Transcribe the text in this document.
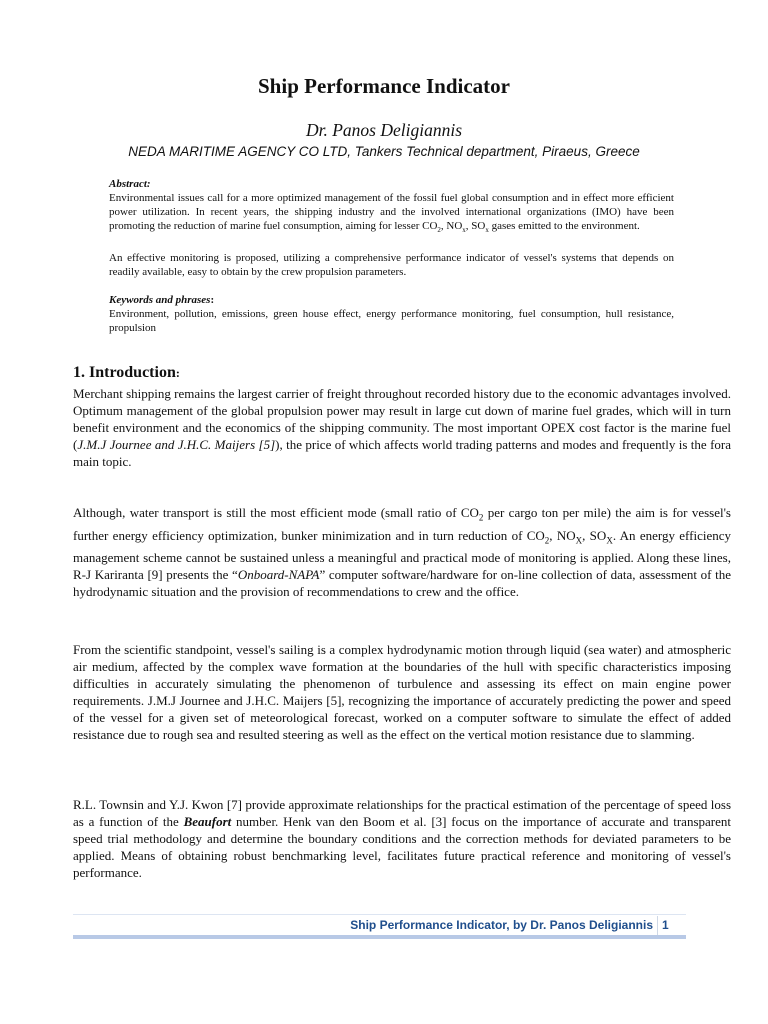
Ship Performance Indicator
Dr. Panos Deligiannis
NEDA MARITIME AGENCY CO LTD, Tankers Technical department, Piraeus, Greece

Abstract:

Environmental issues call for a more optimized management of the fossil fuel global consumption and in effect more efficient power utilization. In recent years, the shipping industry and the involved international organizations (IMO) have been promoting the reduction of marine fuel consumption, aiming for lesser $CO_2$, $NO_x$, $SO_x$ gases emitted to the environment.

An effective monitoring is proposed, utilizing a comprehensive performance indicator of vessel's systems that depends on readily available, easy to obtain by the crew propulsion parameters.

Keywords and phrases:

Environment, pollution, emissions, green house effect, energy performance monitoring, fuel consumption, hull resistance, propulsion

1. Introduction:

Merchant shipping remains the largest carrier of freight throughout recorded history due to the economic advantages involved. Optimum management of the global propulsion power may result in large cut down of marine fuel grades, which will in turn benefit environment and the economics of the shipping community. The most important OPEX cost factor is the marine fuel (J.M.J Journee and J.H.C. Maijers [5]), the price of which affects world trading patterns and modes and frequently is the fora main topic.

Although, water transport is still the most efficient mode (small ratio of $CO_2$ per cargo ton per mile) the aim is for vessel's further energy efficiency optimization, bunker minimization and in turn reduction of $CO_2$, $NO_X$, $SO_X$. An energy efficiency management scheme cannot be sustained unless a meaningful and practical mode of monitoring is applied. Along these lines, R-J Kariranta [9] presents the “Onboard-NAPA” computer software/hardware for on-line collection of data, assessment of the hydrodynamic situation and the provision of recommendations to crew and the office.

From the scientific standpoint, vessel's sailing is a complex hydrodynamic motion through liquid (sea water) and atmospheric air medium, affected by the complex wave formation at the boundaries of the hull with specific characteristics imposing difficulties in accurately simulating the phenomenon of turbulence and assessing its effect on main engine power requirements. J.M.J Journee and J.H.C. Maijers [5], recognizing the importance of accurately predicting the power and speed of the vessel for a given set of meteorological forecast, worked on a computer software to simulate the effect of added resistance due to rough sea and resulted steering as well as the effect on the vertical motion resistance due to slamming.

R.L. Townsin and Y.J. Kwon [7] provide approximate relationships for the practical estimation of the percentage of speed loss as a function of the Beaufort number. Henk van den Boom et al. [3] focus on the importance of accurate and transparent speed trial methodology and determine the boundary conditions and the correction methods for deviated parameters to be applied. Means of obtaining robust benchmarking level, facilitates future practical reference and monitoring of vessel's performance.

Ship Performance Indicator, by Dr. Panos Deligiannis 1
